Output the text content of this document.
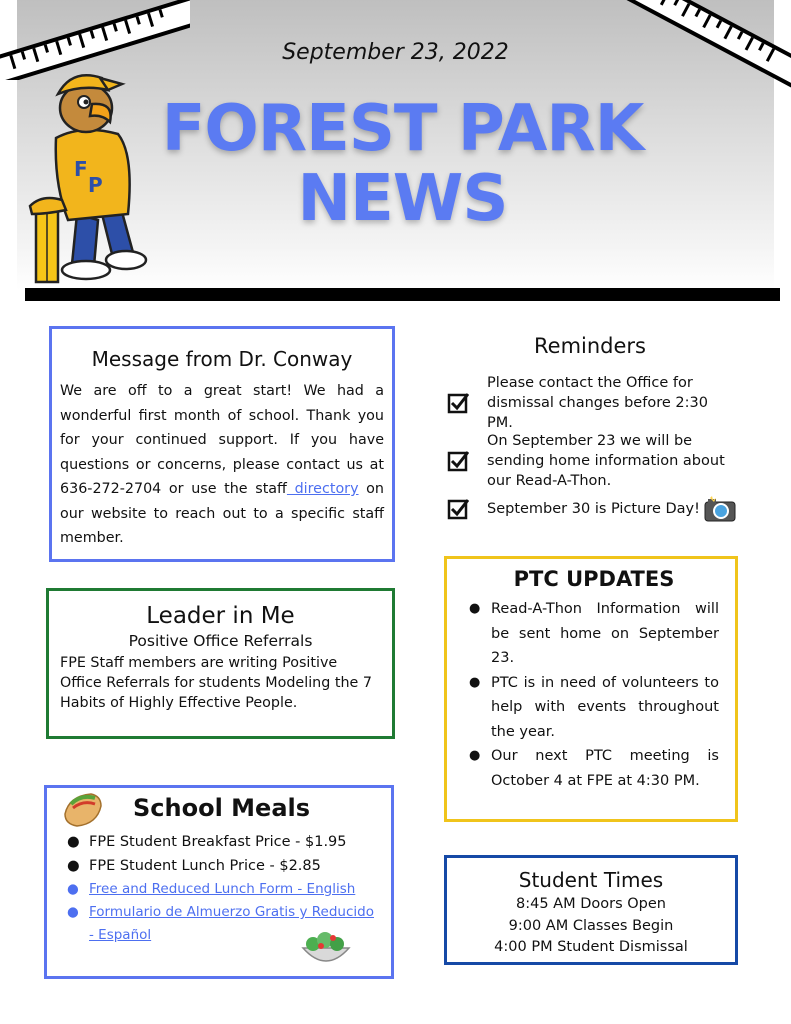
F
P
September 23, 2022
FOREST PARK
NEWS
Message from Dr. Conway
We are off to a great start! We had a wonderful first month of school. Thank you for your continued support. If you have questions or concerns, please contact us at 636-272-2704 or use the staff directory on our website to reach out to a specific staff member.
Leader in Me
Positive Office Referrals
FPE Staff members are writing Positive Office Referrals for students Modeling the 7 Habits of Highly Effective People.
School Meals
● FPE Student Breakfast Price - $1.95
● FPE Student Lunch Price - $2.85
● Free and Reduced Lunch Form - English
● Formulario de Almuerzo Gratis y Reducido - Español
Reminders
Please contact the Office for dismissal changes before 2:30 PM.
On September 23 we will be sending home information about our Read-A-Thon.
September 30 is Picture Day!
PTC UPDATES
● Read-A-Thon Information will be sent home on September 23.
● PTC is in need of volunteers to help with events throughout the year.
● Our next PTC meeting is October 4 at FPE at 4:30 PM.
Student Times
8:45 AM Doors Open
9:00 AM Classes Begin
4:00 PM Student Dismissal
